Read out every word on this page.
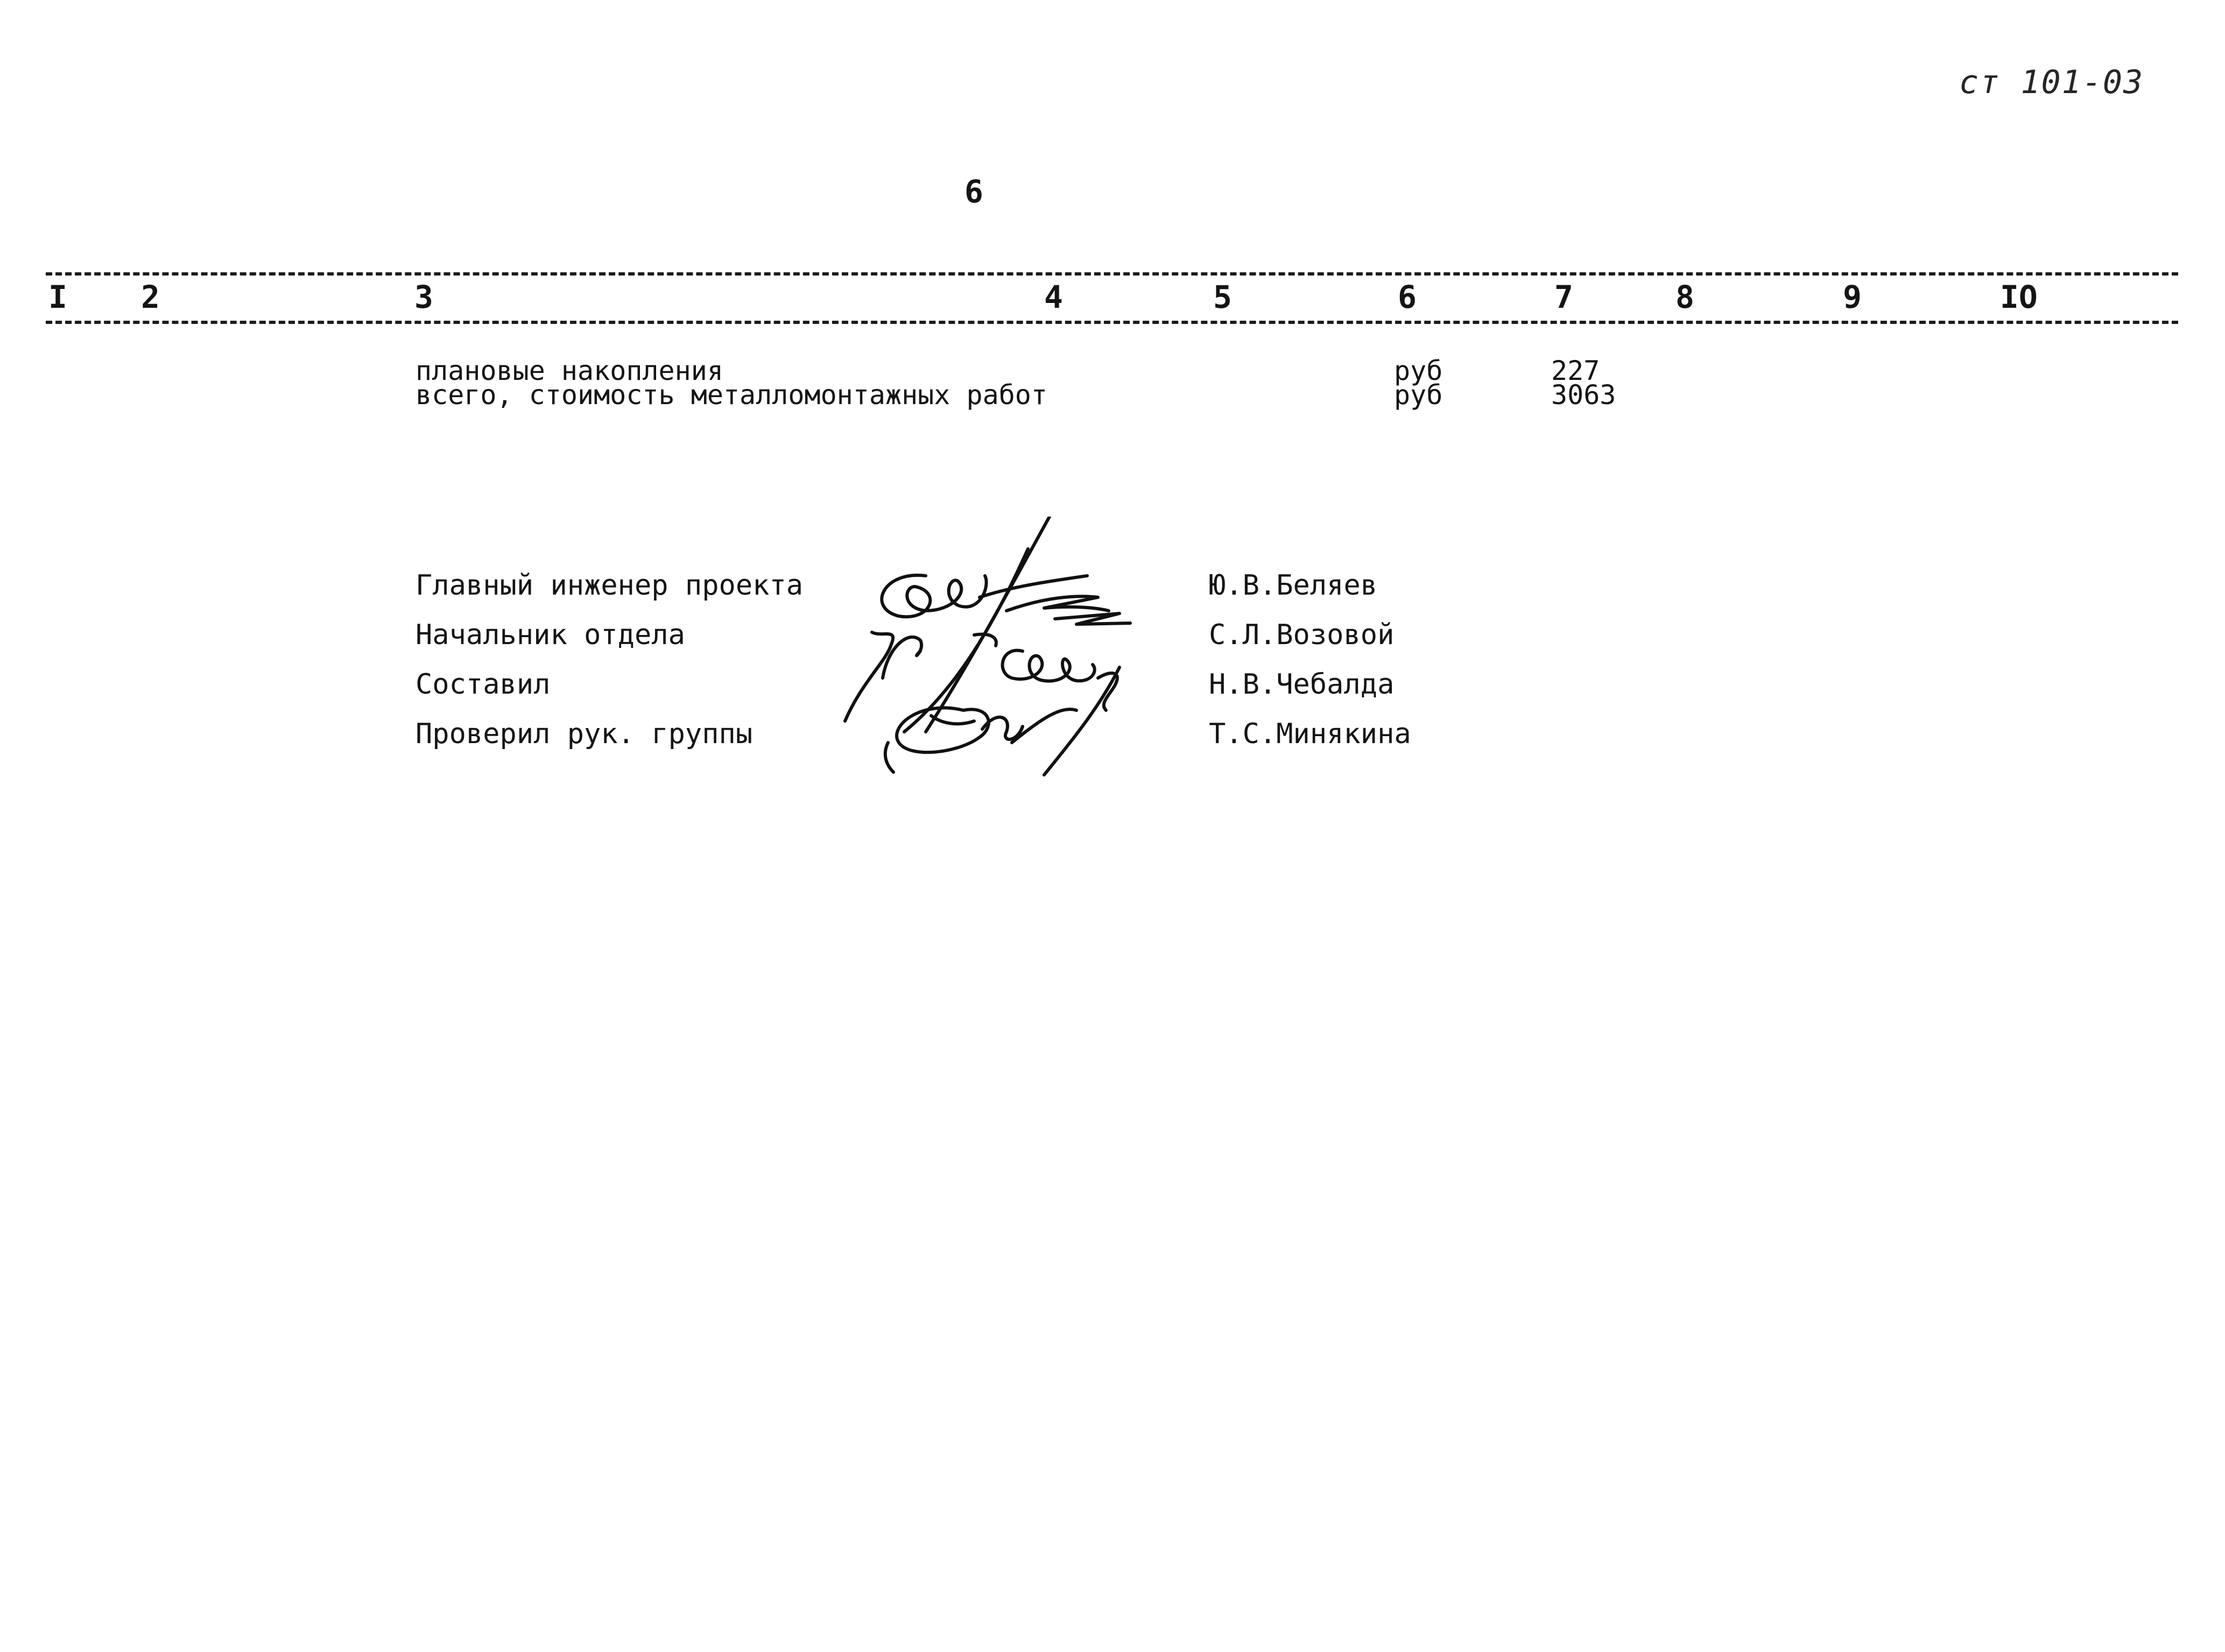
ст 101-03
6
I 2	3	4	5	6	7	8	9	IO
плановые накопления	руб	227
всего, стоимость металломонтажных работ	руб	3063
Главный инженер проекта	Ю.В.Беляев
Начальник отдела	С.Л.Возовой
Составил	Н.В.Чебалда
Проверил рук. группы	Т.С.Минякина
